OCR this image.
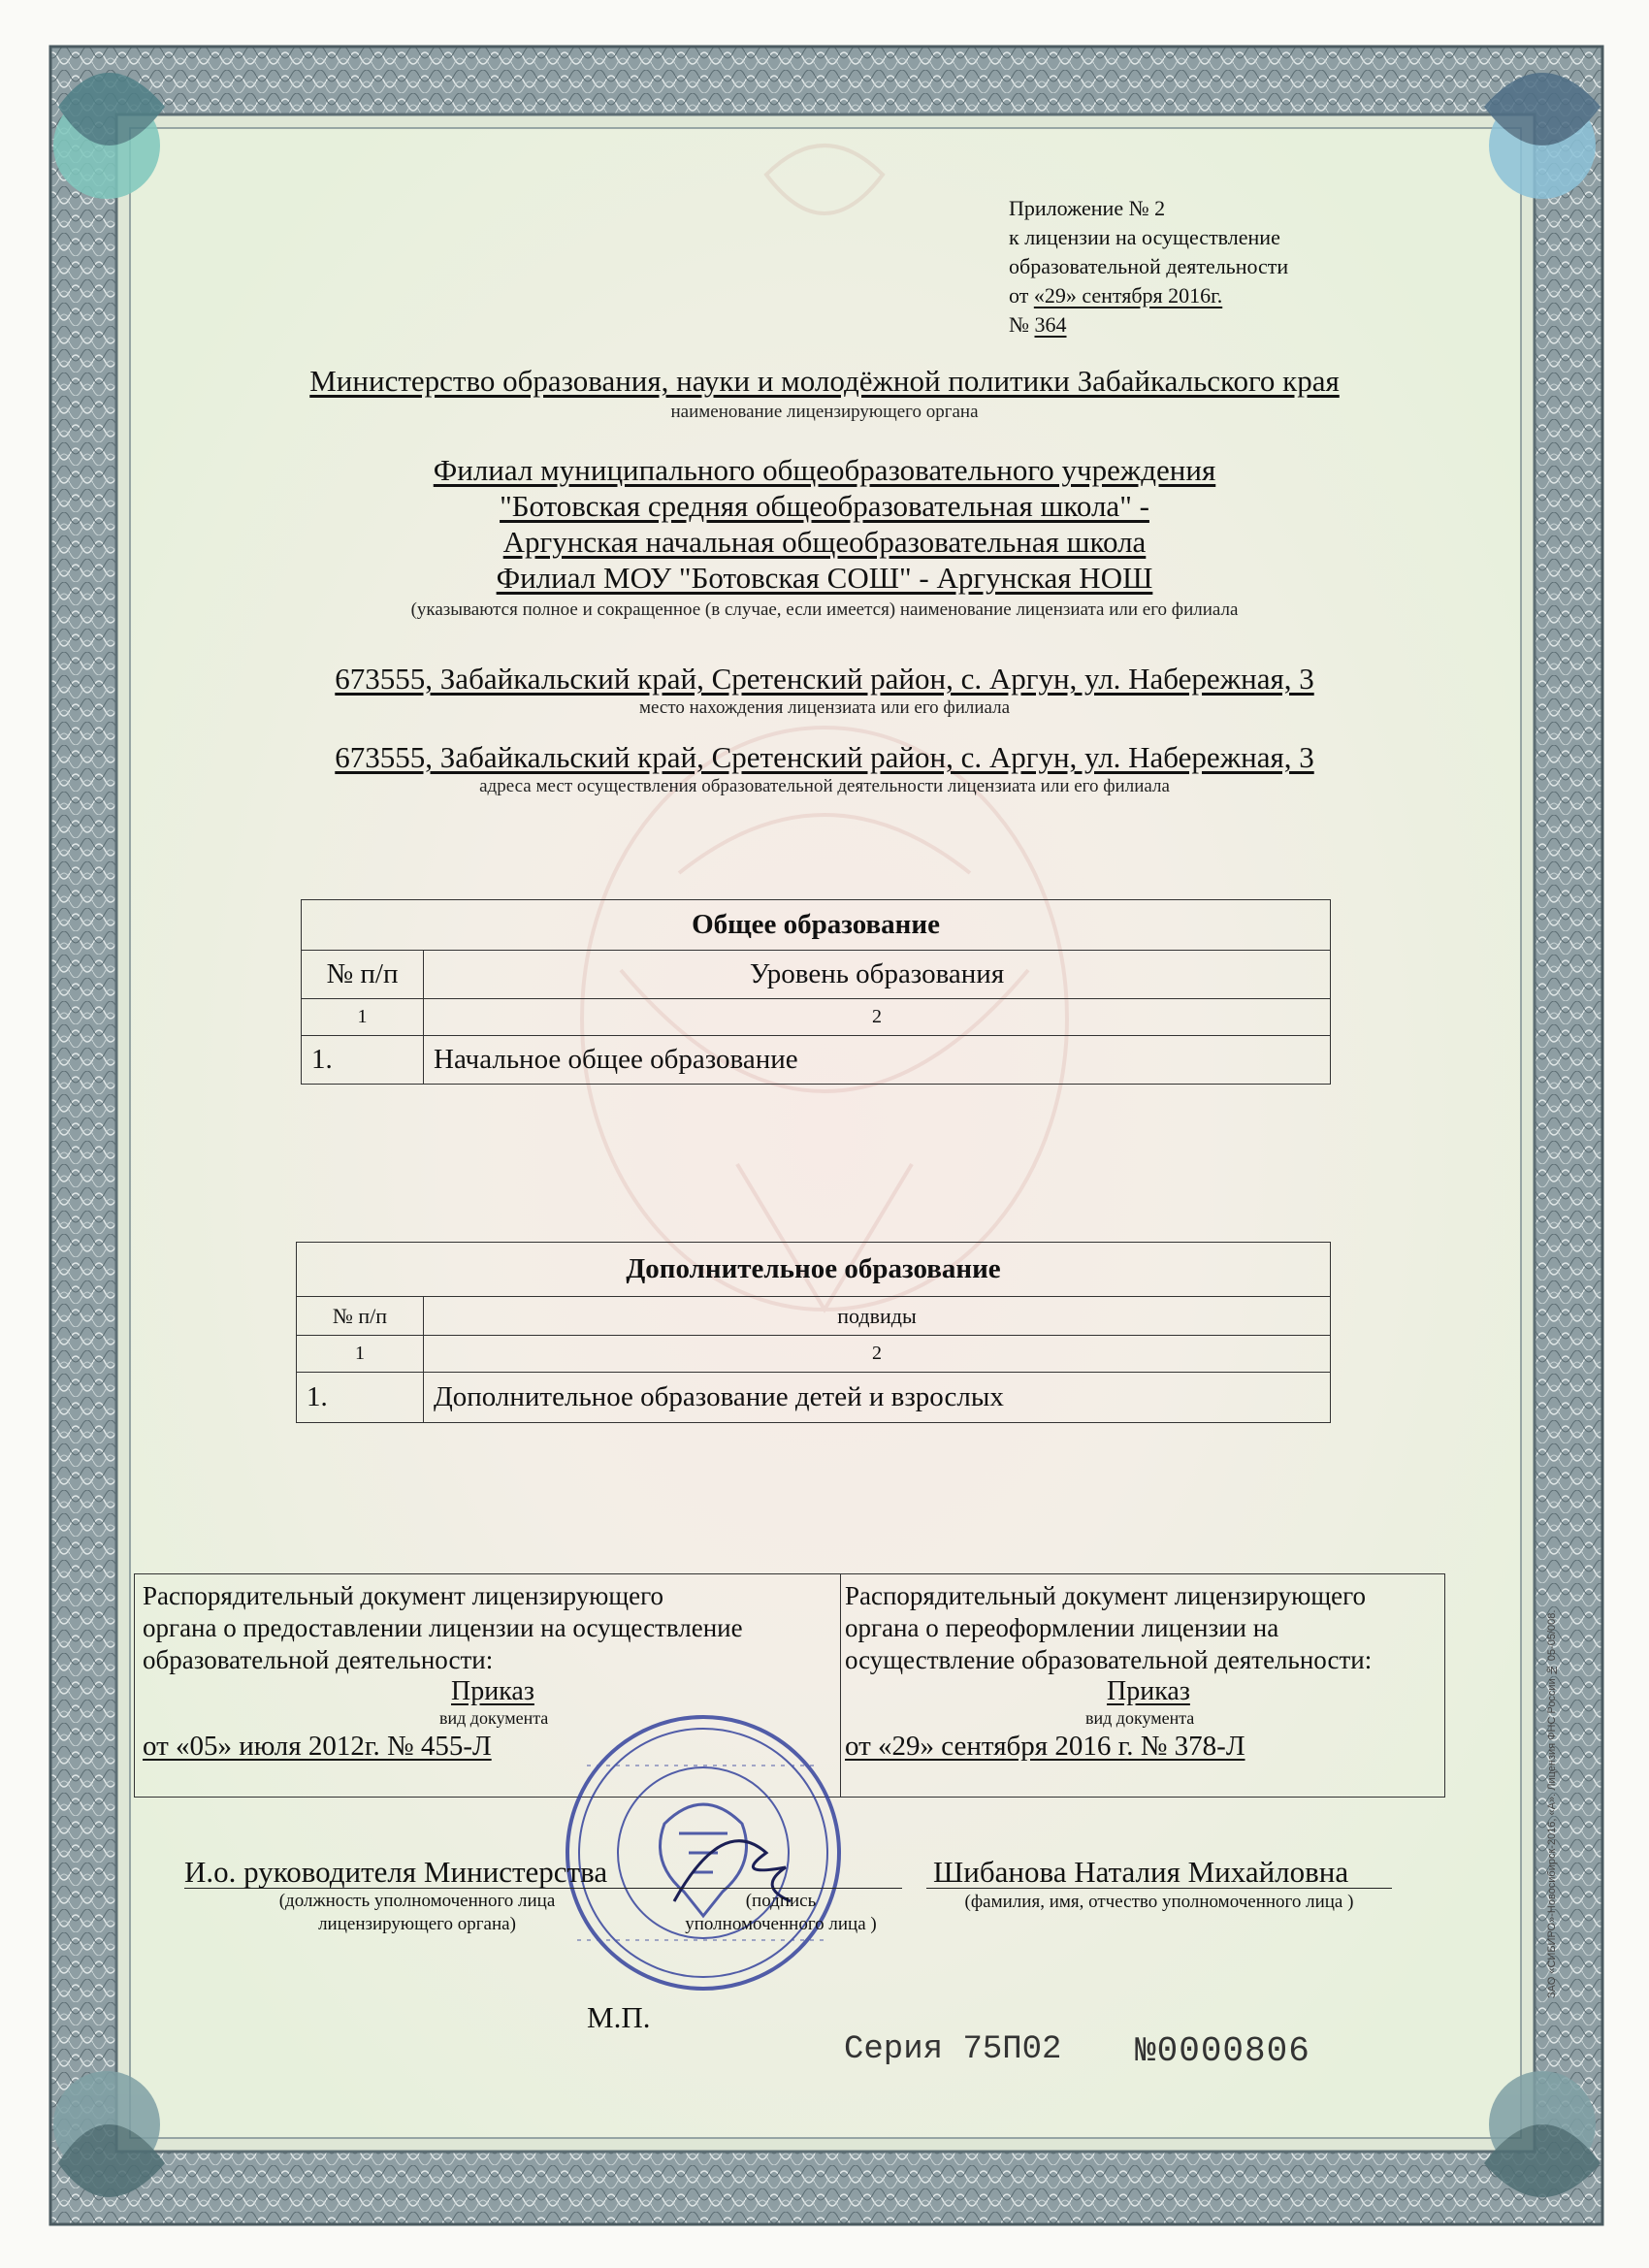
Приложение № 2
к лицензии на осуществление
образовательной деятельности
от «29» сентября 2016г.
№ 364
Министерство образования, науки и молодёжной политики Забайкальского края
наименование лицензирующего органа
Филиал муниципального общеобразовательного учреждения
"Ботовская средняя общеобразовательная школа" -
Аргунская начальная общеобразовательная школа
Филиал МОУ "Ботовская СОШ" - Аргунская НОШ
(указываются полное и сокращенное (в случае, если имеется) наименование лицензиата или его филиала
673555, Забайкальский край, Сретенский район, с. Аргун, ул. Набережная, 3
место нахождения лицензиата или его филиала
673555, Забайкальский край, Сретенский район, с. Аргун, ул. Набережная, 3
адреса мест осуществления образовательной деятельности лицензиата или его филиала
Общее образование	
№ п/п	Уровень образования
1	2
1.	Начальное общее образование
Дополнительное образование	
№ п/п	подвиды
1	2
1.	Дополнительное образование детей и взрослых

Распорядительный документ лицензирующего

органа о предоставлении лицензии на осуществление

образовательной деятельности:

Приказ

вид документа

от «05» июля 2012г. № 455-Л

Распорядительный документ лицензирующего

органа о переоформлении лицензии на

осуществление образовательной деятельности:

Приказ

вид документа

от «29» сентября 2016 г. № 378-Л

И.о. руководителя Министерства
(должность уполномоченного лица
лицензирующего органа)
(подпись
уполномоченного лица )
Шибанова Наталия Михайловна
(фамилия, имя, отчество уполномоченного лица )
М.П.
Серия 75П02 №0000806
ЗАО «СИБИРО»-Новосибирск-2016, «А». Лицензия ФНС России № 05-05/008.
